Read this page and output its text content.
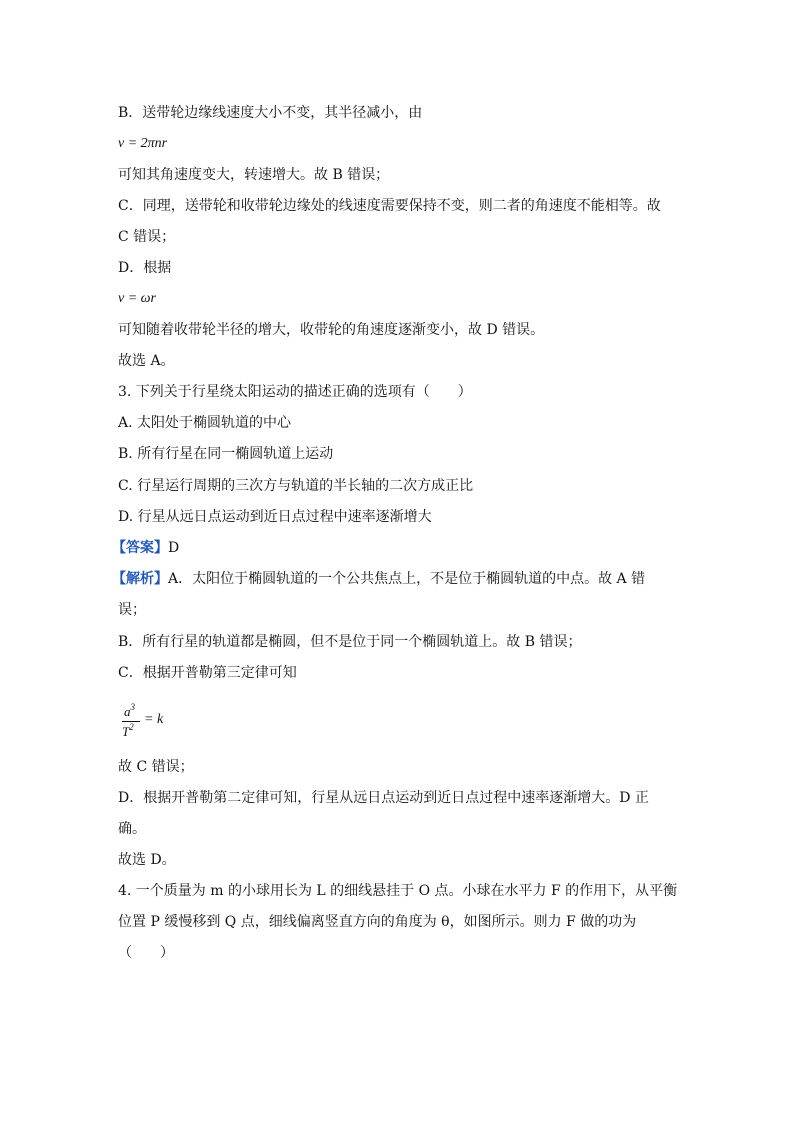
B．送带轮边缘线速度大小不变，其半径减小，由
v = 2πnr
可知其角速度变大，转速增大。故 B 错误；
C．同理，送带轮和收带轮边缘处的线速度需要保持不变，则二者的角速度不能相等。故
C 错误；
D．根据
v = ωr
可知随着收带轮半径的增大，收带轮的角速度逐渐变小，故 D 错误。
故选 A。
3. 下列关于行星绕太阳运动的描述正确的选项有（　　）
A. 太阳处于椭圆轨道的中心
B. 所有行星在同一椭圆轨道上运动
C. 行星运行周期的三次方与轨道的半长轴的二次方成正比
D. 行星从远日点运动到近日点过程中速率逐渐增大
【答案】D
【解析】A．太阳位于椭圆轨道的一个公共焦点上，不是位于椭圆轨道的中点。故 A 错
误；
B．所有行星的轨道都是椭圆，但不是位于同一个椭圆轨道上。故 B 错误；
C．根据开普勒第三定律可知
$a^3$
$T^2 = k$
故 C 错误；
D．根据开普勒第二定律可知，行星从远日点运动到近日点过程中速率逐渐增大。D 正
确。
故选 D。
4. 一个质量为 m 的小球用长为 L 的细线悬挂于 O 点。小球在水平力 F 的作用下，从平衡
位置 P 缓慢移到 Q 点，细线偏离竖直方向的角度为 θ，如图所示。则力 F 做的功为
（　　）
